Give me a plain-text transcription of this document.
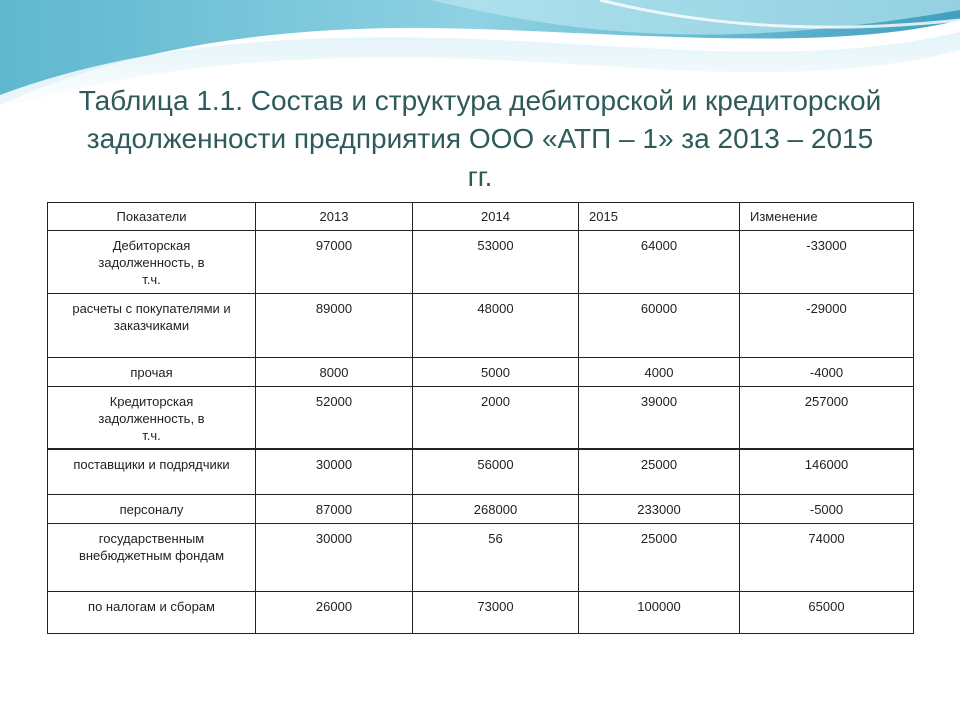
Таблица 1.1. Состав и структура дебиторской и кредиторской
задолженности предприятия ООО «АТП – 1» за 2013 – 2015
гг.
Показатели	2013	2014	2015	Изменение
Дебиторская задолженность, в т.ч.	97000	53000	64000	-33000
расчеты с покупателями и заказчиками	89000	48000	60000	-29000
прочая	8000	5000	4000	-4000
Кредиторская задолженность, в т.ч.	52000	2000	39000	257000
поставщики и подрядчики	30000	56000	25000	146000
персоналу	87000	268000	233000	-5000
государственным внебюджетным фондам	30000	56	25000	74000
по налогам и сборам	26000	73000	100000	65000
